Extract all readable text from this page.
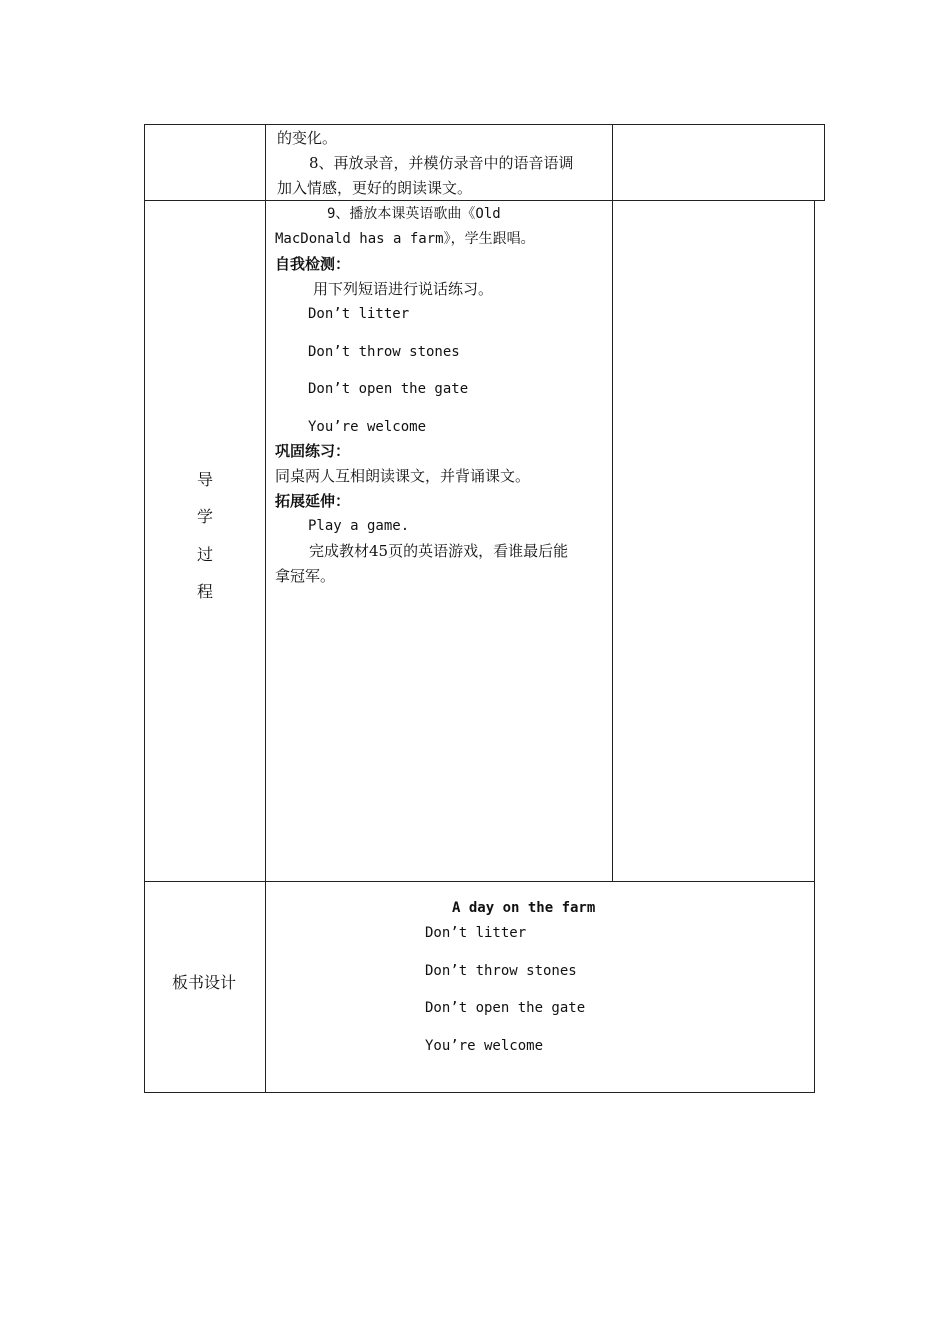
的变化。
8、再放录音，并模仿录音中的语音语调
加入情感，更好的朗读课文。
导
学
过
程
9、播放本课英语歌曲《Old
MacDonald has a farm》，学生跟唱。
自我检测：
用下列短语进行说话练习。
Don’t litter
Don’t throw stones
Don’t open the gate
You’re welcome
巩固练习：
同桌两人互相朗读课文，并背诵课文。
拓展延伸：
Play a game.
完成教材45页的英语游戏，看谁最后能
拿冠军。
板书设计
A day on the farm
Don’t litter
Don’t throw stones
Don’t open the gate
You’re welcome
